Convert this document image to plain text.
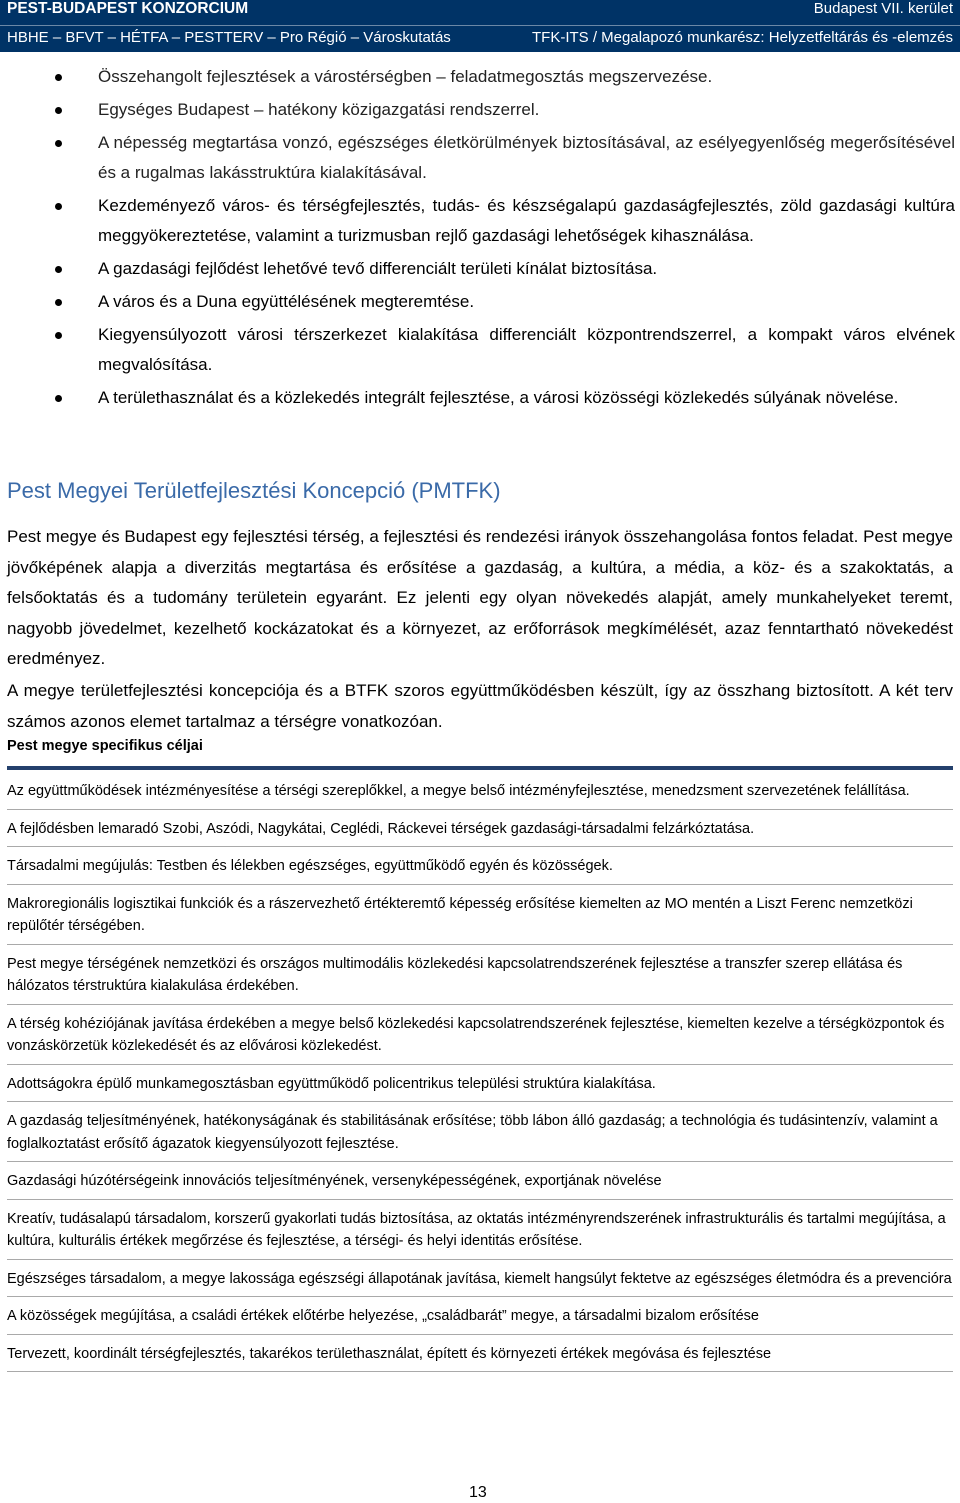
PEST-BUDAPEST KONZORCIUM	Budapest VII. kerület
HBHE – BFVT – HÉTFA – PESTTERV – Pro Régió – Városkutatás	TFK-ITS / Megalapozó munkarész: Helyzetfeltárás és -elemzés
Összehangolt fejlesztések a várostérségben – feladatmegosztás megszervezése.
Egységes Budapest – hatékony közigazgatási rendszerrel.
A népesség megtartása vonzó, egészséges életkörülmények biztosításával, az esélyegyenlőség megerősítésével és a rugalmas lakásstruktúra kialakításával.
Kezdeményező város- és térségfejlesztés, tudás- és készségalapú gazdaságfejlesztés, zöld gazdasági kultúra meggyökereztetése, valamint a turizmusban rejlő gazdasági lehetőségek kihasználása.
A gazdasági fejlődést lehetővé tevő differenciált területi kínálat biztosítása.
A város és a Duna együttélésének megteremtése.
Kiegyensúlyozott városi térszerkezet kialakítása differenciált központrendszerrel, a kompakt város elvének megvalósítása.
A területhasználat és a közlekedés integrált fejlesztése, a városi közösségi közlekedés súlyának növelése.
Pest Megyei Területfejlesztési Koncepció (PMTFK)

Pest megye és Budapest egy fejlesztési térség, a fejlesztési és rendezési irányok összehangolása fontos feladat. Pest megye jövőképének alapja a diverzitás megtartása és erősítése a gazdaság, a kultúra, a média, a köz- és a szakoktatás, a felsőoktatás és a tudomány területein egyaránt. Ez jelenti egy olyan növekedés alapját, amely munkahelyeket teremt, nagyobb jövedelmet, kezelhető kockázatokat és a környezet, az erőforrások megkímélését, azaz fenntartható növekedést eredményez.

A megye területfejlesztési koncepciója és a BTFK szoros együttműködésben készült, így az összhang biztosított. A két terv számos azonos elemet tartalmaz a térségre vonatkozóan.

Pest megye specifikus céljai
Az együttműködések intézményesítése a térségi szereplőkkel, a megye belső intézményfejlesztése, menedzsment szervezetének felállítása.
A fejlődésben lemaradó Szobi, Aszódi, Nagykátai, Ceglédi, Ráckevei térségek gazdasági-társadalmi felzárkóztatása.
Társadalmi megújulás: Testben és lélekben egészséges, együttműködő egyén és közösségek.
Makroregionális logisztikai funkciók és a rászervezhető értékteremtő képesség erősítése kiemelten az MO mentén a Liszt Ferenc nemzetközi repülőtér térségében.
Pest megye térségének nemzetközi és országos multimodális közlekedési kapcsolatrendszerének fejlesztése a transzfer szerep ellátása és hálózatos térstruktúra kialakulása érdekében.
A térség kohéziójának javítása érdekében a megye belső közlekedési kapcsolatrendszerének fejlesztése, kiemelten kezelve a térségközpontok és vonzáskörzetük közlekedését és az elővárosi közlekedést.
Adottságokra épülő munkamegosztásban együttműködő policentrikus települési struktúra kialakítása.
A gazdaság teljesítményének, hatékonyságának és stabilitásának erősítése; több lábon álló gazdaság; a technológia és tudásintenzív, valamint a foglalkoztatást erősítő ágazatok kiegyensúlyozott fejlesztése.
Gazdasági húzótérségeink innovációs teljesítményének, versenyképességének, exportjának növelése
Kreatív, tudásalapú társadalom, korszerű gyakorlati tudás biztosítása, az oktatás intézményrendszerének infrastrukturális és tartalmi megújítása, a kultúra, kulturális értékek megőrzése és fejlesztése, a térségi- és helyi identitás erősítése.
Egészséges társadalom, a megye lakossága egészségi állapotának javítása, kiemelt hangsúlyt fektetve az egészséges életmódra és a prevencióra
A közösségek megújítása, a családi értékek előtérbe helyezése, „családbarát” megye, a társadalmi bizalom erősítése
Tervezett, koordinált térségfejlesztés, takarékos területhasználat, épített és környezeti értékek megóvása és fejlesztése
13
